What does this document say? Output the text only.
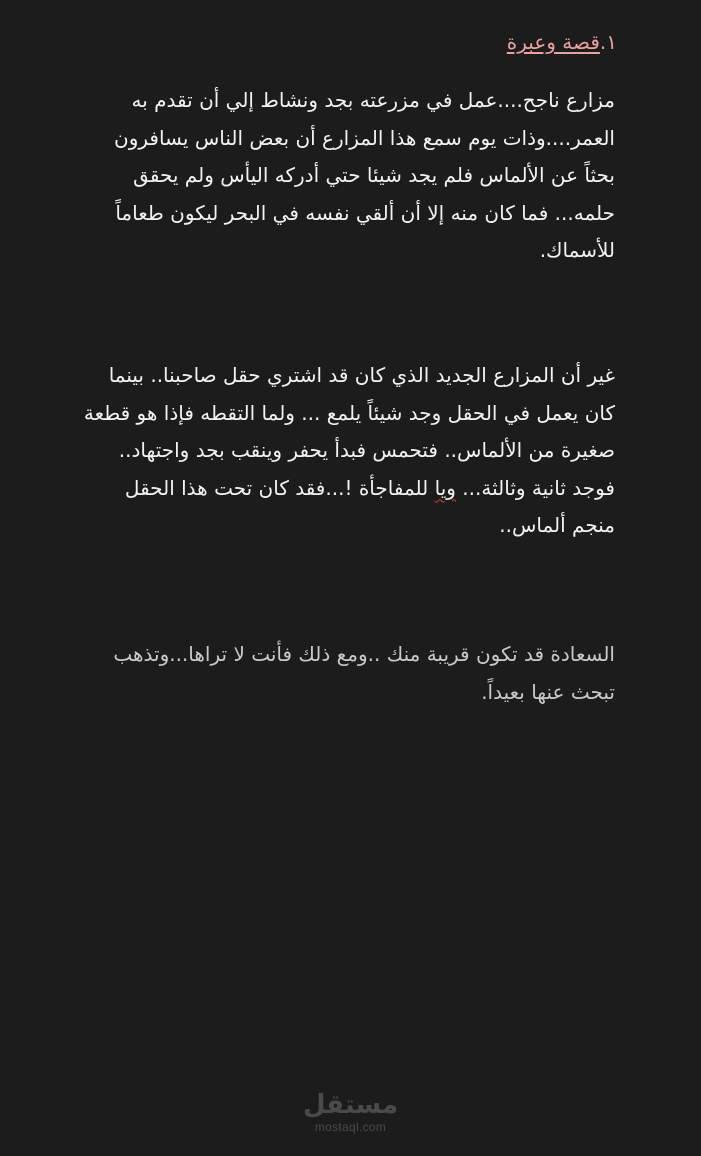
١.قصة وعبرة

مزارع ناجح....عمل في مزرعته بجد ونشاط إلي أن تقدم به
العمر....وذات يوم سمع هذا المزارع أن بعض الناس يسافرون
بحثاً عن الألماس فلم يجد شيئا حتي أدركه اليأس ولم يحقق
حلمه... فما كان منه إلا أن ألقي نفسه في البحر ليكون طعاماً
للأسماك.

غير أن المزارع الجديد الذي كان قد اشتري حقل صاحبنا.. بينما
كان يعمل في الحقل وجد شيئاً يلمع ... ولما التقطه فإذا هو قطعة
صغيرة من الألماس.. فتحمس فبدأ يحفر وينقب بجد واجتهاد..
فوجد ثانية وثالثة... ويا للمفاجأة !...فقد كان تحت هذا الحقل
منجم ألماس..

السعادة قد تكون قريبة منك ..ومع ذلك فأنت لا تراها...وتذهب
تبحث عنها بعيداً.

مستقل
mostaql.com
